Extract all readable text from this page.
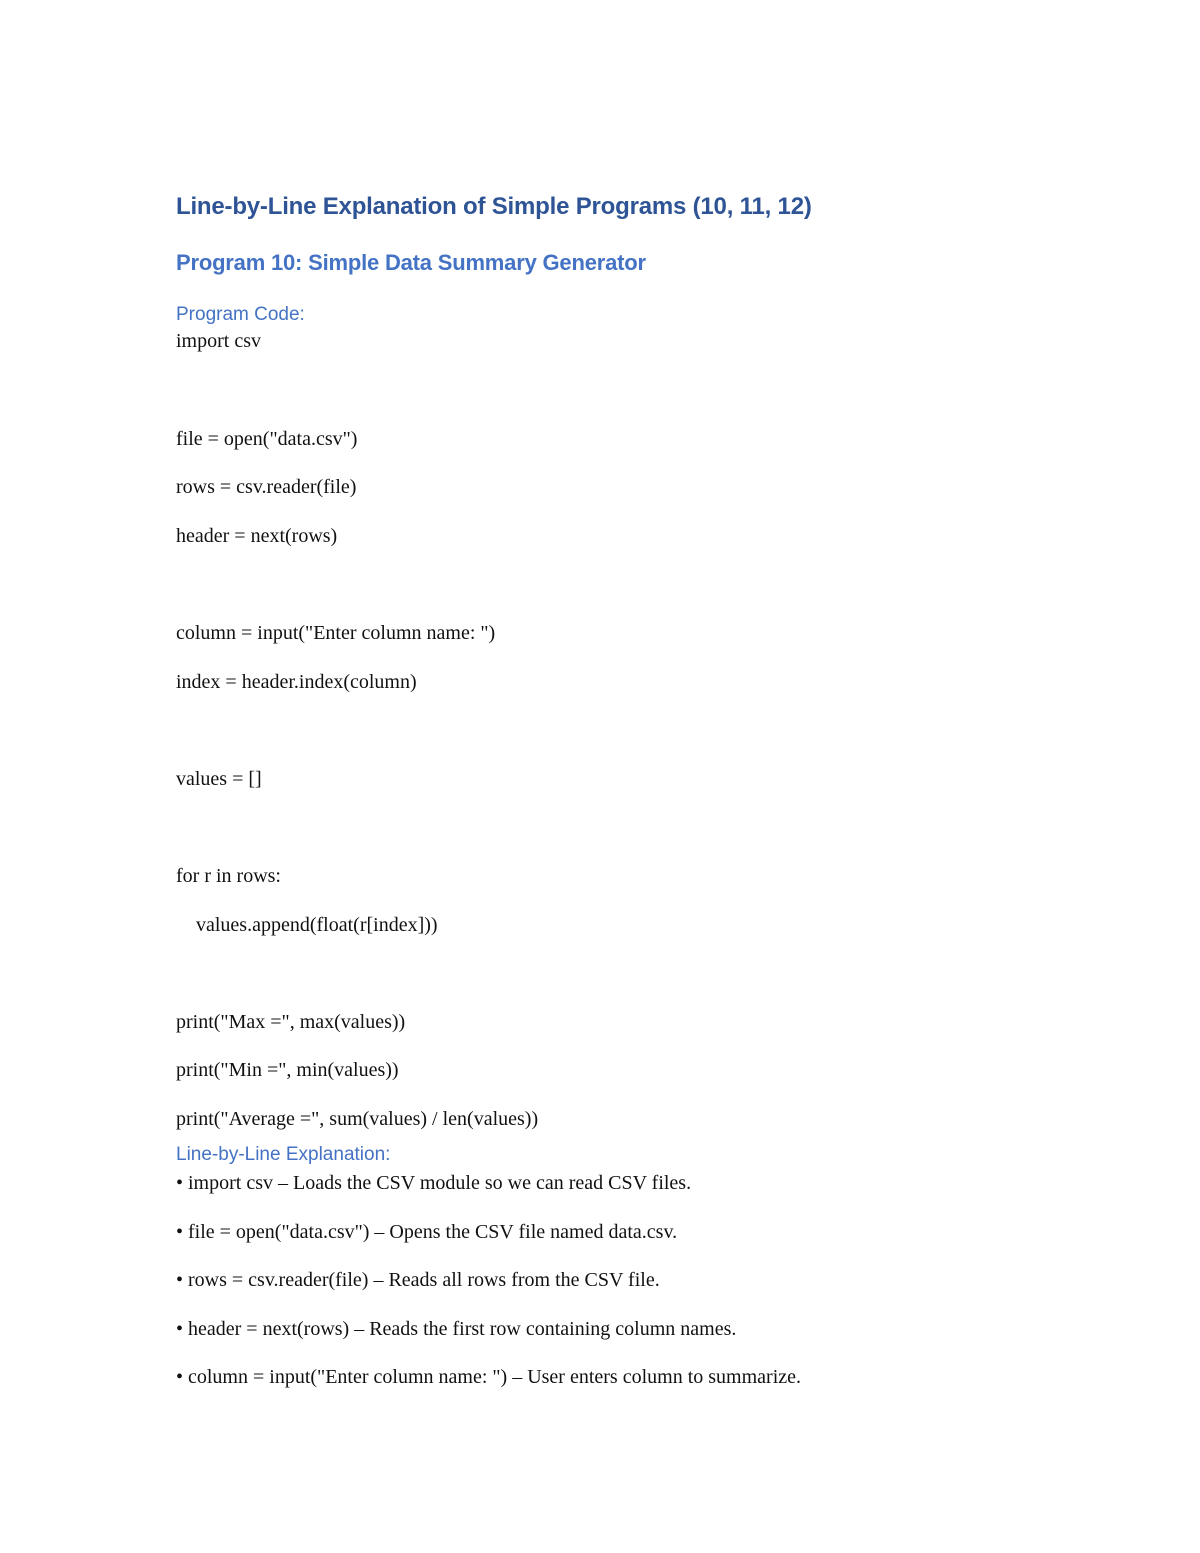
Line-by-Line Explanation of Simple Programs (10, 11, 12)
Program 10: Simple Data Summary Generator
Program Code:
import csv
file = open("data.csv")
rows = csv.reader(file)
header = next(rows)
column = input("Enter column name: ")
index = header.index(column)
values = []
for r in rows:
values.append(float(r[index]))
print("Max =", max(values))
print("Min =", min(values))
print("Average =", sum(values) / len(values))
Line-by-Line Explanation:
• import csv – Loads the CSV module so we can read CSV files.
• file = open("data.csv") – Opens the CSV file named data.csv.
• rows = csv.reader(file) – Reads all rows from the CSV file.
• header = next(rows) – Reads the first row containing column names.
• column = input("Enter column name: ") – User enters column to summarize.
